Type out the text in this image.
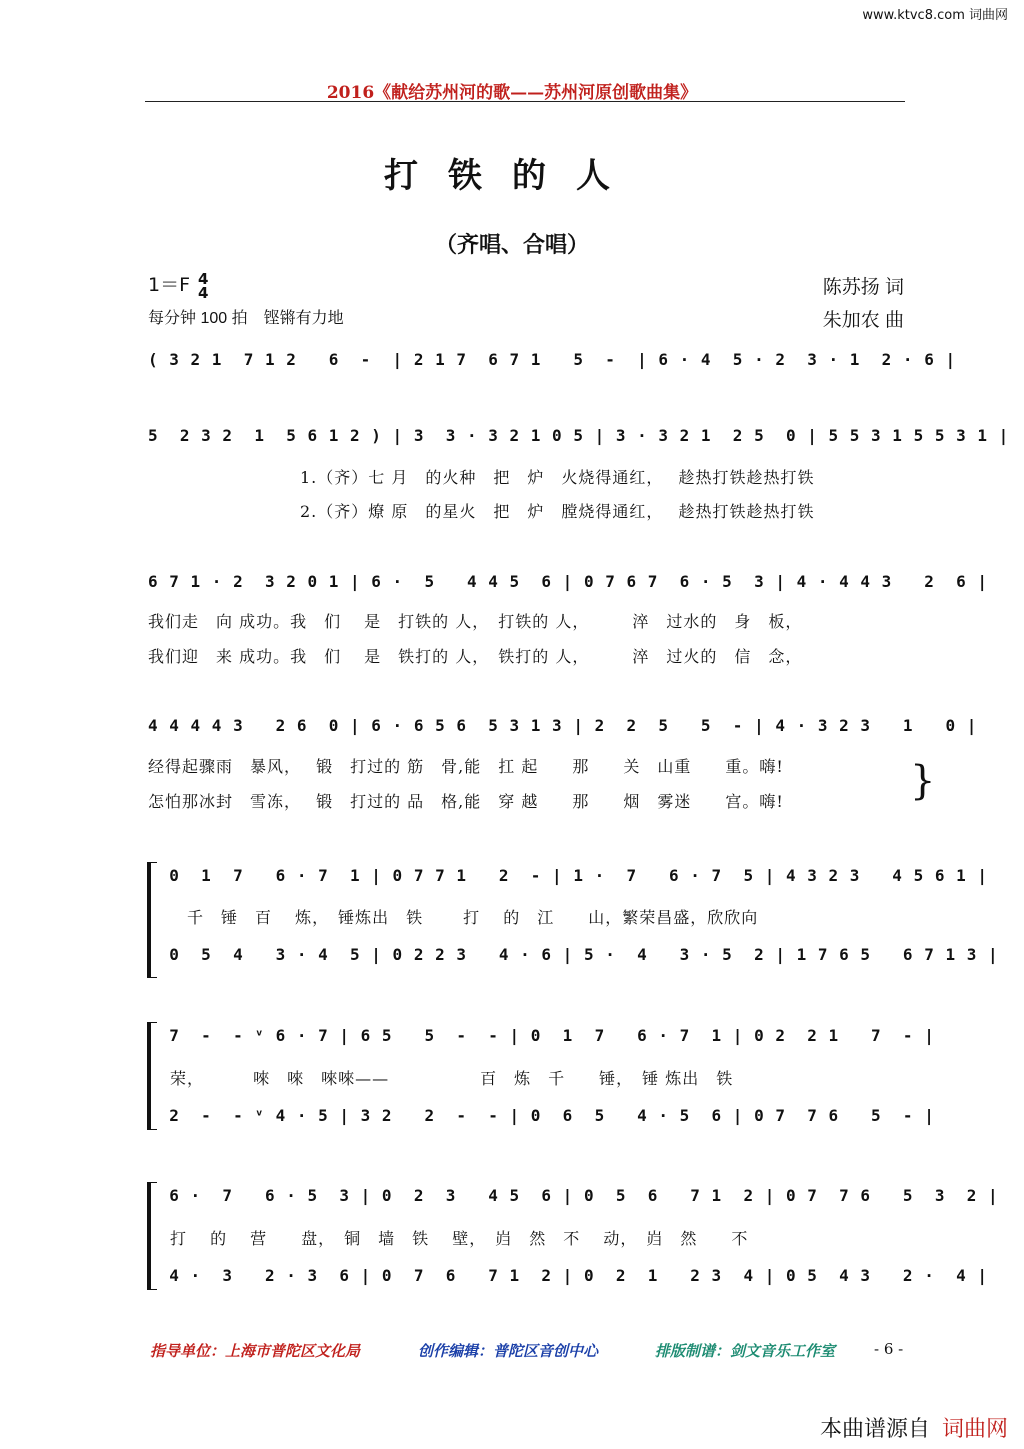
www.ktvc8.com 词曲网
2016《献给苏州河的歌——苏州河原创歌曲集》
打铁的人
（齐唱、合唱）
1＝F 4
4
每分钟 100 拍　铿锵有力地
陈苏扬 词
朱加农 曲
( 3 2 1  7 1 2   6  -  | 2 1 7  6 7 1   5  -  | 6 · 4  5 · 2  3 · 1  2 · 6 |
5  2 3 2  1  5 6 1 2 ) | 3  3 · 3 2 1 0 5 | 3 · 3 2 1  2 5  0 | 5 5 3 1 5 5 3 1 |
1.（齐）七 月　的火种　把　炉　火烧得通红，　 趁热打铁趁热打铁
2.（齐）燎 原　的星火　把　炉　膛烧得通红，　 趁热打铁趁热打铁
6 7 1 · 2  3 2 0 1 | 6 ·  5   4 4 5  6 | 0 7 6 7  6 · 5  3 | 4 · 4 4 3   2  6 |
我们走　向 成功。我　们　 是　打铁的 人，　打铁的 人，　　　淬　过水的　身　板，
我们迎　来 成功。我　们　 是　铁打的 人，　铁打的 人，　　　淬　过火的　信　念，
4 4 4 4 3   2 6  0 | 6 · 6 5 6  5 3 1 3 | 2  2  5   5  - | 4 · 3 2 3   1   0 |
经得起骤雨　暴风，　 锻　打过的 筋　骨,能　扛 起　　那　　关　山重　　重。嗨!
怎怕那冰封　雪冻，　 锻　打过的 品　格,能　穿 越　　那　　烟　雾迷　　宫。嗨!	}
0  1  7   6 · 7  1 | 0 7 7 1   2  - | 1 ·  7   6 · 7  5 | 4 3 2 3   4 5 6 1 |
　千　锤　百　 炼，　锤炼出　铁　　 打　 的　江　　山，繁荣昌盛，欣欣向
0  5  4   3 · 4  5 | 0 2 2 3   4 · 6 | 5 ·  4   3 · 5  2 | 1 7 6 5   6 7 1 3 |
7  -  - ᵛ 6 · 7 | 6 5   5  -  - | 0  1  7   6 · 7  1 | 0 2  2 1   7  - |
荣，　　　 唻　唻　唻唻——　　　　　 百　炼　千　　锤，　锤 炼出　铁
2  -  - ᵛ 4 · 5 | 3 2   2  -  - | 0  6  5   4 · 5  6 | 0 7  7 6   5  - |
6 ·  7   6 · 5  3 | 0  2  3   4 5  6 | 0  5  6   7 1  2 | 0 7  7 6   5  3  2 |
打　 的　 营　　盘，　铜　墙　铁　 壁，　岿　然　不　 动，　岿　然　　不
4 ·  3   2 · 3  6 | 0  7  6   7 1  2 | 0  2  1   2 3  4 | 0 5  4 3   2 ·  4 |
指导单位：上海市普陀区文化局	创作编辑：普陀区音创中心	排版制谱：剑文音乐工作室	- 6 -
本曲谱源自 词曲网
